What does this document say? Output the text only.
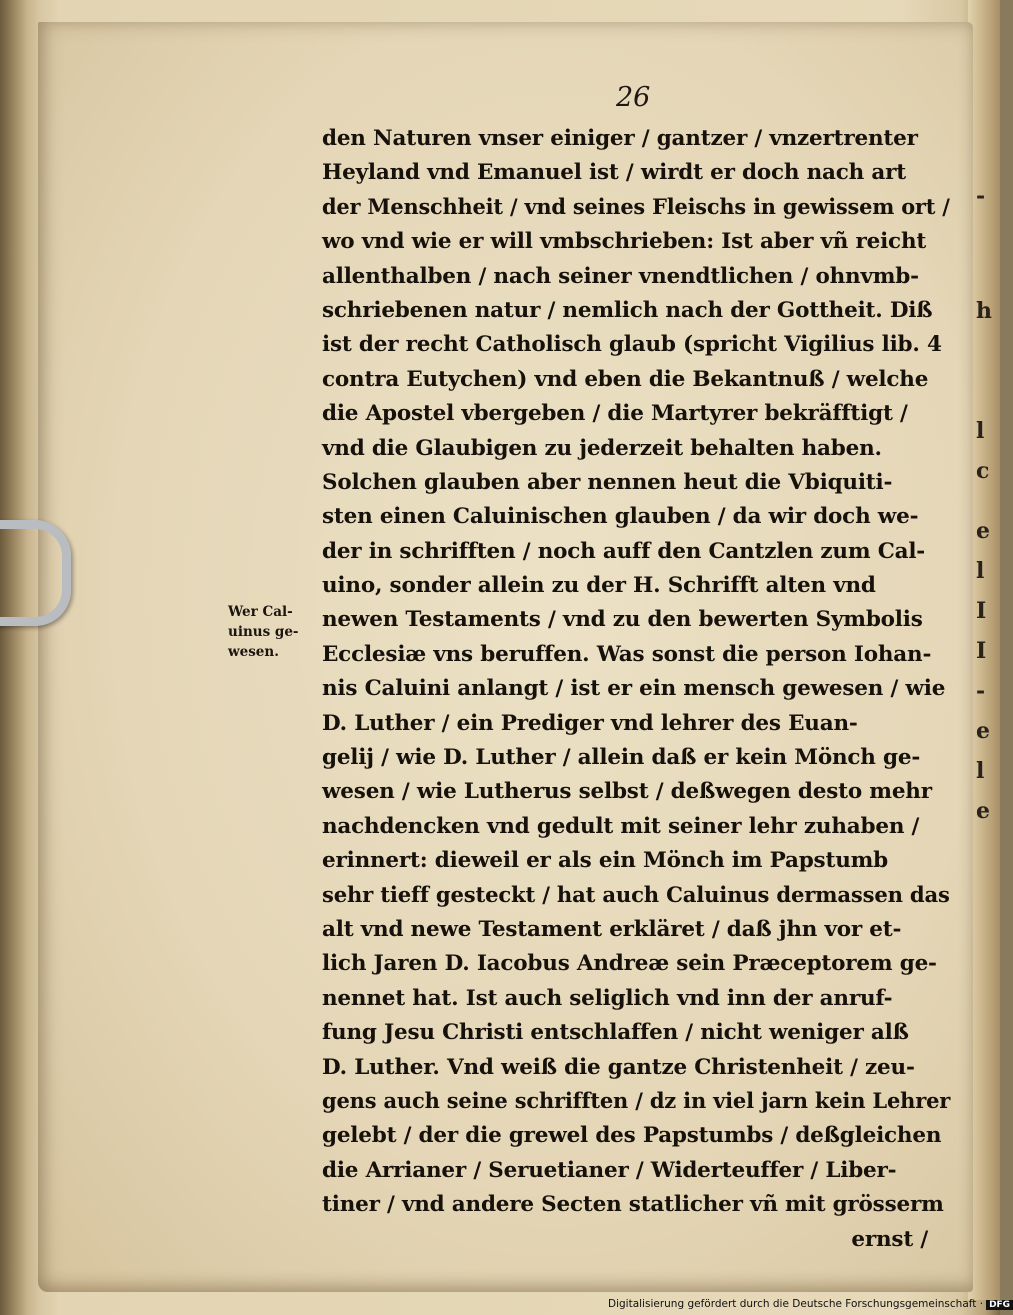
-
h
l
c
e
l
I
I
-
e
l
e
26
Wer Cal-
uinus ge-
wesen.
den Naturen vnser einiger / gantzer / vnzertrenter
Heyland vnd Emanuel ist / wirdt er doch nach art
der Menschheit / vnd seines Fleischs in gewissem ort /
wo vnd wie er will vmbschrieben: Ist aber vñ reicht
allenthalben / nach seiner vnendtlichen / ohnvmb-
schriebenen natur / nemlich nach der Gottheit. Diß
ist der recht Catholisch glaub (spricht Vigilius lib. 4
contra Eutychen) vnd eben die Bekantnuß / welche
die Apostel vbergeben / die Martyrer bekräfftigt /
vnd die Glaubigen zu jederzeit behalten haben.
Solchen glauben aber nennen heut die Vbiquiti-
sten einen Caluinischen glauben / da wir doch we-
der in schrifften / noch auff den Cantzlen zum Cal-
uino, sonder allein zu der H. Schrifft alten vnd
newen Testaments / vnd zu den bewerten Symbolis
Ecclesiæ vns beruffen. Was sonst die person Iohan-
nis Caluini anlangt / ist er ein mensch gewesen / wie
D. Luther / ein Prediger vnd lehrer des Euan-
gelij / wie D. Luther / allein daß er kein Mönch ge-
wesen / wie Lutherus selbst / deßwegen desto mehr
nachdencken vnd gedult mit seiner lehr zuhaben /
erinnert: dieweil er als ein Mönch im Papstumb
sehr tieff gesteckt / hat auch Caluinus dermassen das
alt vnd newe Testament erkläret / daß jhn vor et-
lich Jaren D. Iacobus Andreæ sein Præceptorem ge-
nennet hat. Ist auch seliglich vnd inn der anruf-
fung Jesu Christi entschlaffen / nicht weniger alß
D. Luther. Vnd weiß die gantze Christenheit / zeu-
gens auch seine schrifften / dz in viel jarn kein Lehrer
gelebt / der die grewel des Papstumbs / deßgleichen
die Arrianer / Seruetianer / Widerteuffer / Liber-
tiner / vnd andere Secten statlicher vñ mit grösserm
ernst /
Digitalisierung gefördert durch die Deutsche Forschungsgemeinschaft · DFG
